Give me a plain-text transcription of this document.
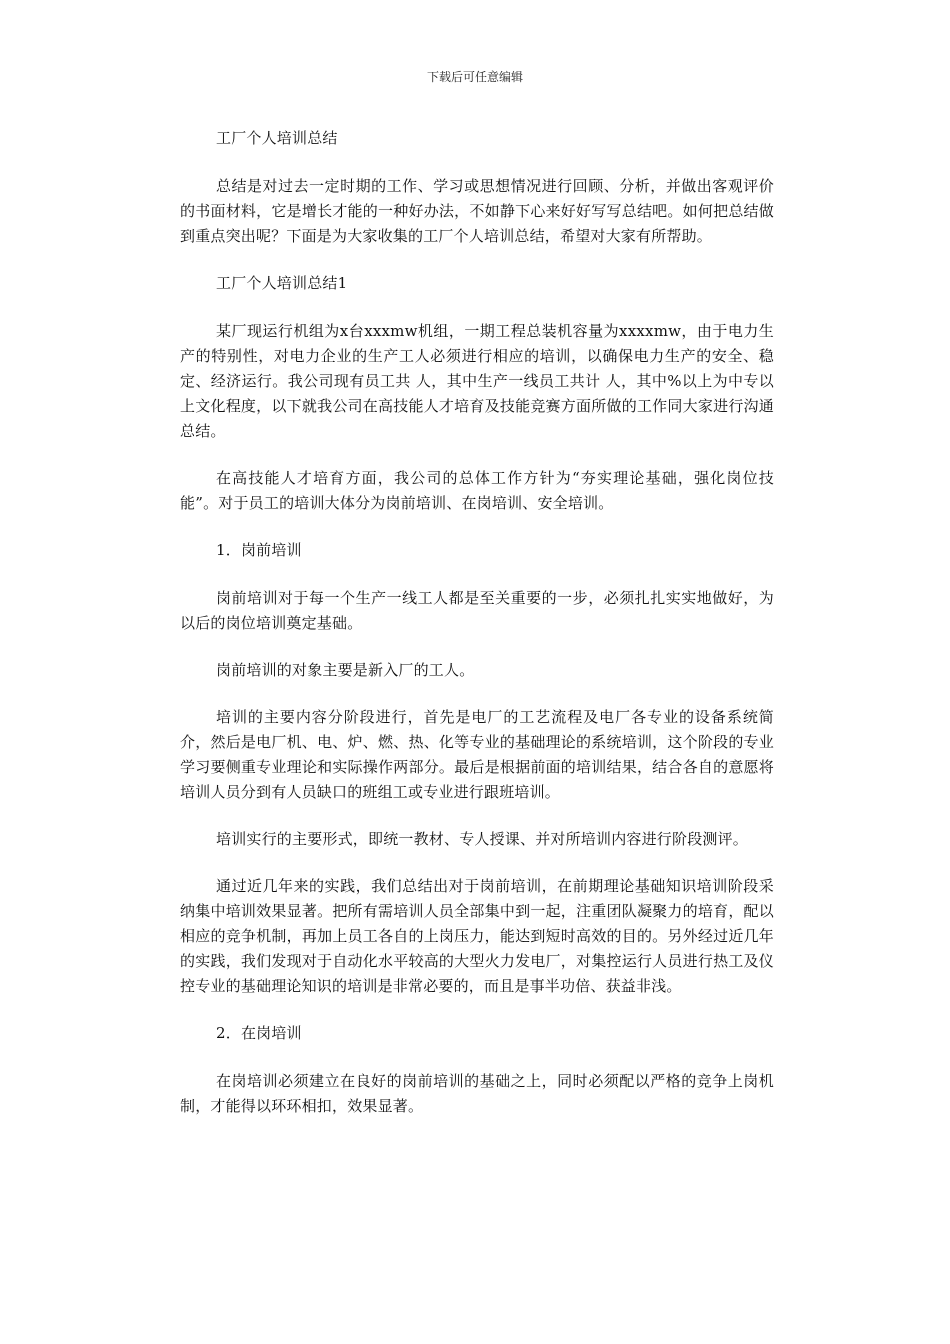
下载后可任意编辑

工厂个人培训总结

总结是对过去一定时期的工作、学习或思想情况进行回顾、分析，并做出客观评价的书面材料，它是增长才能的一种好办法，不如静下心来好好写写总结吧。如何把总结做到重点突出呢？下面是为大家收集的工厂个人培训总结，希望对大家有所帮助。

工厂个人培训总结1

某厂现运行机组为x台xxxmw机组，一期工程总装机容量为xxxxmw，由于电力生产的特别性，对电力企业的生产工人必须进行相应的培训，以确保电力生产的安全、稳定、经济运行。我公司现有员工共 人，其中生产一线员工共计 人，其中%以上为中专以上文化程度，以下就我公司在高技能人才培育及技能竞赛方面所做的工作同大家进行沟通总结。

在高技能人才培育方面，我公司的总体工作方针为“夯实理论基础，强化岗位技能”。对于员工的培训大体分为岗前培训、在岗培训、安全培训。

1．岗前培训

岗前培训对于每一个生产一线工人都是至关重要的一步，必须扎扎实实地做好，为以后的岗位培训奠定基础。

岗前培训的对象主要是新入厂的工人。

培训的主要内容分阶段进行，首先是电厂的工艺流程及电厂各专业的设备系统简介，然后是电厂机、电、炉、燃、热、化等专业的基础理论的系统培训，这个阶段的专业学习要侧重专业理论和实际操作两部分。最后是根据前面的培训结果，结合各自的意愿将培训人员分到有人员缺口的班组工或专业进行跟班培训。

培训实行的主要形式，即统一教材、专人授课、并对所培训内容进行阶段测评。

通过近几年来的实践，我们总结出对于岗前培训，在前期理论基础知识培训阶段采纳集中培训效果显著。把所有需培训人员全部集中到一起，注重团队凝聚力的培育，配以相应的竞争机制，再加上员工各自的上岗压力，能达到短时高效的目的。另外经过近几年的实践，我们发现对于自动化水平较高的大型火力发电厂，对集控运行人员进行热工及仪控专业的基础理论知识的培训是非常必要的，而且是事半功倍、获益非浅。

2．在岗培训

在岗培训必须建立在良好的岗前培训的基础之上，同时必须配以严格的竞争上岗机制，才能得以环环相扣，效果显著。
